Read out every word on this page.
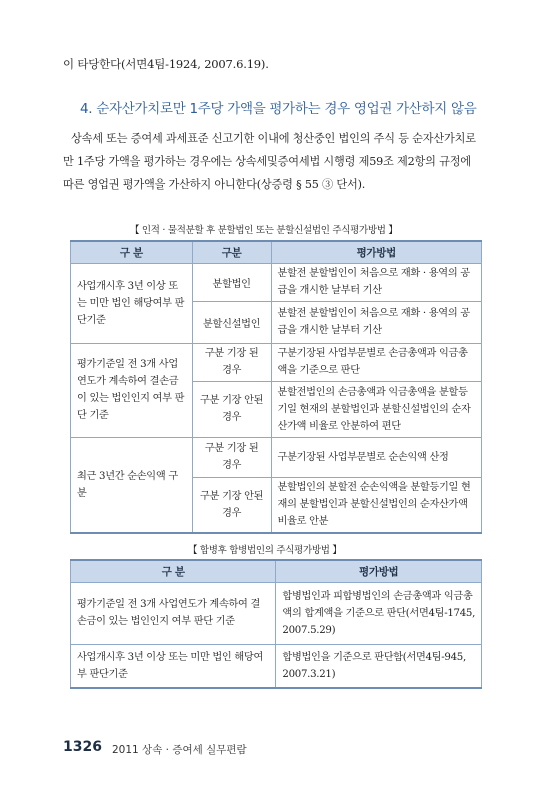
이 타당한다(서면4팀-1924, 2007.6.19).
4. 순자산가치로만 1주당 가액을 평가하는 경우 영업권 가산하지 않음
상속세 또는 증여세 과세표준 신고기한 이내에 청산중인 법인의 주식 등 순자산가치로
만 1주당 가액을 평가하는 경우에는 상속세및증여세법 시행령 제59조 제2항의 규정에
따른 영업권 평가액을 가산하지 아니한다(상증령 § 55 ③ 단서).
【 인적 · 물적분할 후 분할법인 또는 분할신설법인 주식평가방법 】
구 분	구분	평가방법
사업개시후 3년 이상 또는 미만 법인 해당여부 판단기준	분할법인	분할전 분할법인이 처음으로 재화 · 용역의 공급을 개시한 날부터 기산
	분할신설법인	분할전 분할법인이 처음으로 재화 · 용역의 공급을 개시한 날부터 기산
평가기준일 전 3개 사업연도가 계속하여 결손금이 있는 법인인지 여부 판단 기준	구분 기장 된 경우	구분기장된 사업부문별로 손금총액과 익금총액을 기준으로 판단
	구분 기장 안된 경우	분할전법인의 손금총액과 익금총액을 분할등기일 현재의 분할법인과 분할신설법인의 순자산가액 비율로 안분하여 편단
최근 3년간 순손익액 구분	구분 기장 된 경우	구분기장된 사업부문별로 순손익액 산정
	구분 기장 안된 경우	분할법인의 분할전 순손익액을 분할등기일 현재의 분할법인과 분할신설법인의 순자산가액 비율로 안분
【 합병후 합병법인의 주식평가방법 】
구 분	평가방법
평가기준일 전 3개 사업연도가 계속하여 결손금이 있는 법인인지 여부 판단 기준	합병법인과 피합병법인의 손금총액과 익금총액의 합계액을 기준으로 판단(서면4팀-1745, 2007.5.29)
사업개시후 3년 이상 또는 미만 법인 해당여부 판단기준	합병법인을 기준으로 판단함(서면4팀-945, 2007.3.21)
1326 2011 상속 · 증여세 실무편람
